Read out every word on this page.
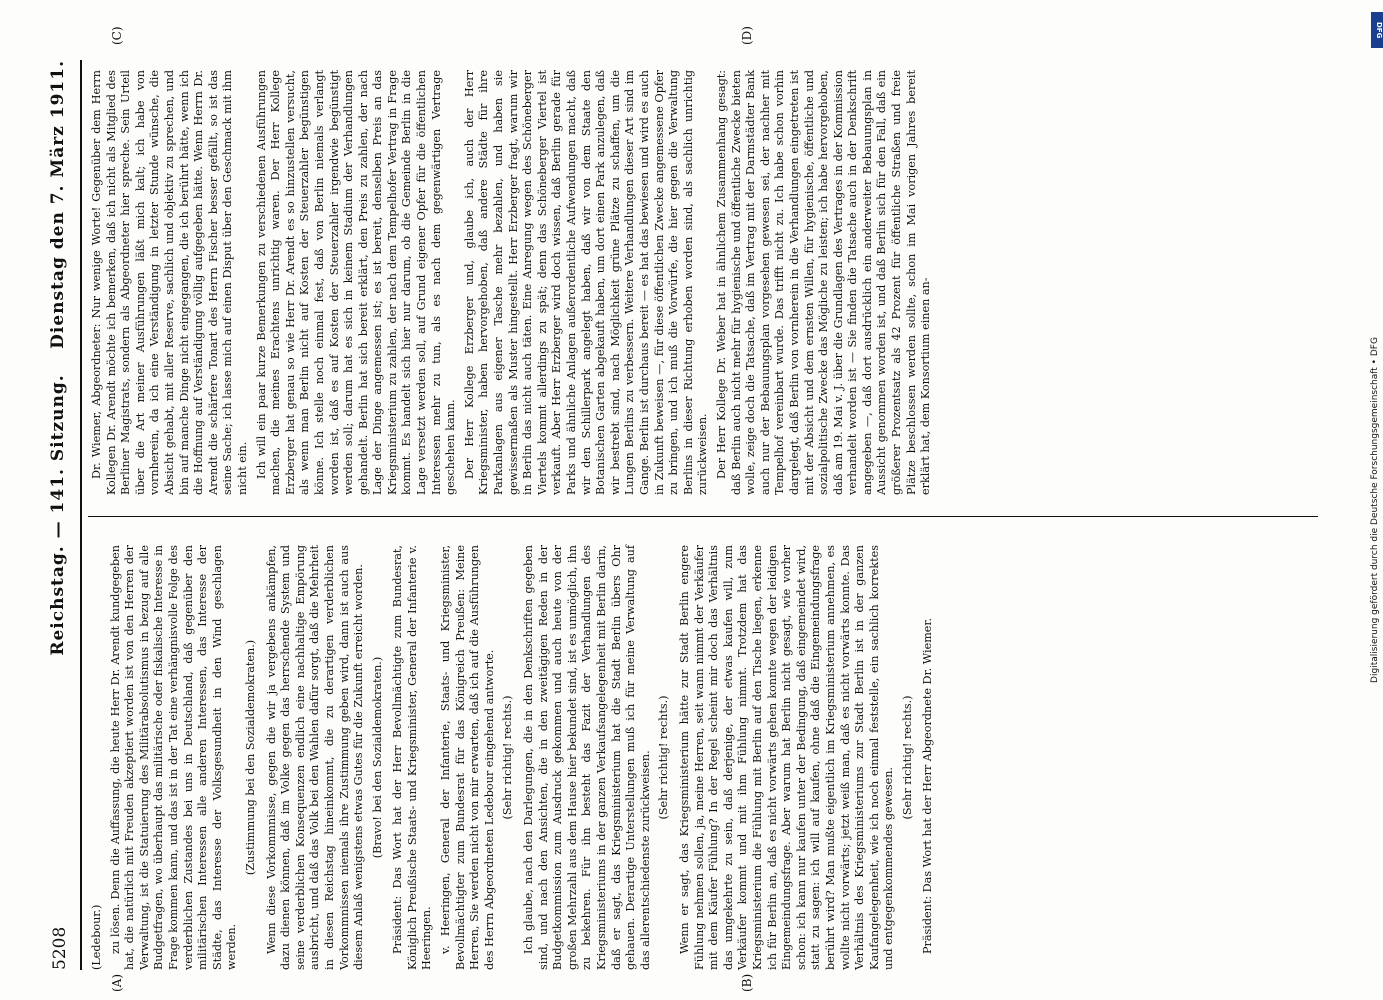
5208
Reichstag. — 141. Sitzung.
Dienstag den 7. März 1911.
(A)	(B)
(C)	(D)

(Ledebour.) zu lösen. Denn die Auffassung, die heute Herr Dr. Arendt kundgegeben hat, die natürlich mit Freuden akzeptiert worden ist von den Herren der Verwaltung, ist die Statuierung des Militärabsolutismus in bezug auf alle Budgetfragen, wo überhaupt das militärische oder fiskalische Interesse in Frage kommen kann, und das ist in der Tat eine verhängnisvolle Folge des verderblichen Zustandes bei uns in Deutschland, daß gegenüber den militärischen Interessen alle anderen Interessen, das Interesse der Städte, das Interesse der Volksgesundheit in den Wind geschlagen werden.

(Zustimmung bei den Sozialdemokraten.) Wenn diese Vorkommnisse, gegen die wir ja vergebens ankämpfen, dazu dienen können, daß im Volke gegen das herrschende System und seine verderblichen Konsequenzen endlich eine nachhaltige Empörung ausbricht, und daß das Volk bei den Wahlen dafür sorgt, daß die Mehrheit in diesen Reichstag hineinkommt, die zu derartigen verderblichen Vorkommnissen niemals ihre Zustimmung geben wird, dann ist auch aus diesem Anlaß wenigstens etwas Gutes für die Zukunft erreicht worden. (Bravo! bei den Sozialdemokraten.) Präsident: Das Wort hat der Herr Bevollmächtigte zum Bundesrat, Königlich Preußische Staats- und Kriegsminister, General der Infanterie v. Heeringen. v. Heeringen, General der Infanterie, Staats- und Kriegsminister, Bevollmächtigter zum Bundesrat für das Königreich Preußen: Meine Herren, Sie werden nicht von mir erwarten, daß ich auf die Ausführungen des Herrn Abgeordneten Ledebour eingehend antworte. (Sehr richtig! rechts.) Ich glaube, nach den Darlegungen, die in den Denkschriften gegeben sind, und nach den Ansichten, die in den zweitägigen Reden in der Budgetkommission zum Ausdruck gekommen und auch heute von der großen Mehrzahl aus dem Hause hier bekundet sind, ist es unmöglich, ihn zu bekehren. Für ihn besteht das Fazit der Verhandlungen des Kriegsministeriums in der ganzen Verkaufsangelegenheit mit Berlin darin, daß er sagt, das Kriegsministerium hat die Stadt Berlin übers Ohr gehauen. Derartige Unterstellungen muß ich für meine Verwaltung auf das allerentschiedenste zurückweisen. (Sehr richtig! rechts.) Wenn er sagt, das Kriegsministerium hätte zur Stadt Berlin engere Fühlung nehmen sollen, ja, meine Herren, seit wann nimmt der Verkäufer mit dem Käufer Fühlung? In der Regel scheint mir doch das Verhältnis das umgekehrte zu sein, daß derjenige, der etwas kaufen will, zum Verkäufer kommt und mit ihm Fühlung nimmt. Trotzdem hat das Kriegsministerium die Fühlung mit Berlin auf den Tische liegen, erkenne ich für Berlin an, daß es nicht vorwärts gehen konnte wegen der leidigen Eingemeindungsfrage. Aber warum hat Berlin nicht gesagt, wie vorher schon: ich kann nur kaufen unter der Bedingung, daß eingemeindet wird, statt zu sagen: ich will auf kaufen, ohne daß die Eingemeindungsfrage berührt wird? Man mußte eigentlich im Kriegsministerium annehmen, es wollte nicht vorwärts; jetzt weiß man, daß es nicht vorwärts konnte. Das Verhältnis des Kriegsministeriums zur Stadt Berlin ist in der ganzen Kaufangelegenheit, wie ich noch einmal feststelle, ein sachlich korrektes und entgegenkommendes gewesen.

(Sehr richtig! rechts.) Präsident: Das Wort hat der Herr Abgeordnete Dr. Wiemer.

Dr. Wiemer, Abgeordneter: Nur wenige Worte! Gegenüber dem Herrn Kollegen Dr. Arendt möchte ich bemerken, daß ich nicht als Mitglied des Berliner Magistrats, sondern als Abgeordneter hier spreche. Sein Urteil über die Art meiner Ausführungen läßt mich kalt; ich habe von vornherein, da ich eine Verständigung in letzter Stunde wünsche, die Absicht gehabt, mit aller Reserve, sachlich und objektiv zu sprechen, und bin auf manche Dinge nicht eingegangen, die ich berührt hätte, wenn ich die Hoffnung auf Verständigung völlig aufgegeben hätte. Wenn Herrn Dr. Arendt die schärfere Tonart des Herrn Fischer besser gefällt, so ist das seine Sache; ich lasse mich auf einen Disput über den Geschmack mit ihm nicht ein. Ich will ein paar kurze Bemerkungen zu verschiedenen Ausführungen machen, die meines Erachtens unrichtig waren. Der Herr Kollege Erzberger hat genau so wie Herr Dr. Arendt es so hinzustellen versucht, als wenn man Berlin nicht auf Kosten der Steuerzahler begünstigen könne. Ich stelle noch einmal fest, daß von Berlin niemals verlangt worden ist, daß es auf Kosten der Steuerzahler irgendwie begünstigt werden soll; darum hat es sich in keinem Stadium der Verhandlungen gehandelt. Berlin hat sich bereit erklärt, den Preis zu zahlen, der nach Lage der Dinge angemessen ist; es ist bereit, denselben Preis an das Kriegsministerium zu zahlen, der nach dem Tempelhofer Vertrag in Frage kommt. Es handelt sich hier nur darum, ob die Gemeinde Berlin in die Lage versetzt werden soll, auf Grund eigener Opfer für die öffentlichen Interessen mehr zu tun, als es nach dem gegenwärtigen Vertrage geschehen kann. Der Herr Kollege Erzberger und, glaube ich, auch der Herr Kriegsminister, haben hervorgehoben, daß andere Städte für ihre Parkanlagen aus eigener Tasche mehr bezahlen, und haben sie gewissermaßen als Muster hingestellt. Herr Erzberger fragt, warum wir in Berlin das nicht auch täten. Eine Anregung wegen des Schöneberger Viertels kommt allerdings zu spät; denn das Schöneberger Viertel ist verkauft. Aber Herr Erzberger wird doch wissen, daß Berlin gerade für Parks und ähnliche Anlagen außerordentliche Aufwendungen macht, daß wir den Schillerpark angelegt haben, daß wir von dem Staate den Botanischen Garten abgekauft haben, um dort einen Park anzulegen, daß wir bestrebt sind, nach Möglichkeit grüne Plätze zu schaffen, um die Lungen Berlins zu verbessern. Weitere Verhandlungen dieser Art sind im Gange. Berlin ist durchaus bereit — es hat das bewiesen und wird es auch in Zukunft beweisen —, für diese öffentlichen Zwecke angemessene Opfer zu bringen, und ich muß die Vorwürfe, die hier gegen die Verwaltung Berlins in dieser Richtung erhoben worden sind, als sachlich unrichtig zurückweisen. Der Herr Kollege Dr. Weber hat in ähnlichem Zusammenhang gesagt: daß Berlin auch nicht mehr für hygienische und öffentliche Zwecke bieten wolle, zeige doch die Tatsache, daß im Vertrag mit der Darmstädter Bank auch nur der Bebauungsplan vorgesehen gewesen sei, der nachher mit Tempelhof vereinbart wurde. Das trifft nicht zu. Ich habe schon vorhin dargelegt, daß Berlin von vornherein in die Verhandlungen eingetreten ist mit der Absicht und dem ernsten Willen, für hygienische, öffentliche und sozialpolitische Zwecke das Mögliche zu leisten; ich habe hervorgehoben, daß am 19. Mai v. J. über die Grundlagen des Vertrages in der Kommission verhandelt worden ist — Sie finden die Tatsache auch in der Denkschrift angegeben —, daß dort ausdrücklich ein anderweiter Bebauungsplan in Aussicht genommen worden ist, und daß Berlin sich für den Fall, daß ein größerer Prozentsatz als 42 Prozent für öffentliche Straßen und freie Plätze beschlossen werden sollte, schon im Mai vorigen Jahres bereit erklärt hat, dem Konsortium einen an-

DFG
Digitalisierung gefördert durch die Deutsche Forschungsgemeinschaft • DFG
